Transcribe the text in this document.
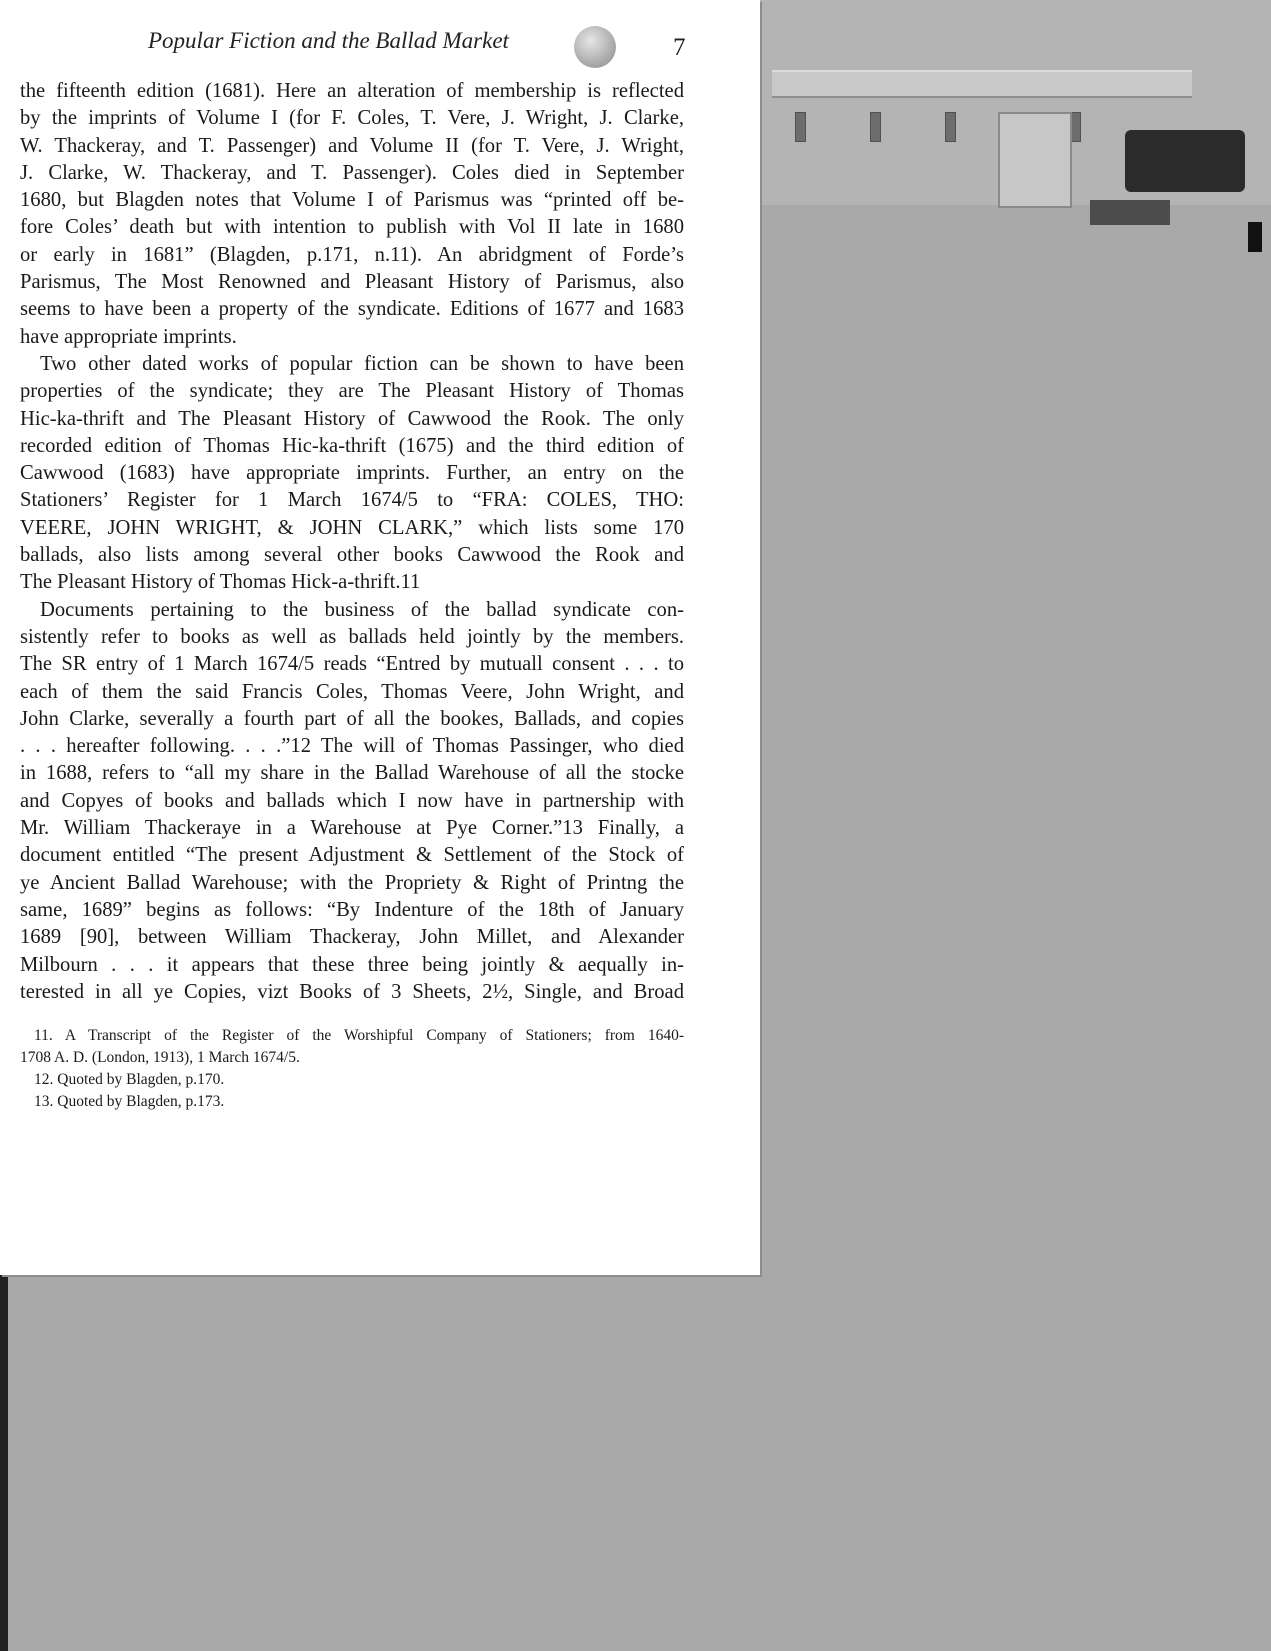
Popular Fiction and the Ballad Market	7
the fifteenth edition (1681). Here an alteration of membership is reflected
by the imprints of Volume I (for F. Coles, T. Vere, J. Wright, J. Clarke,
W. Thackeray, and T. Passenger) and Volume II (for T. Vere, J. Wright,
J. Clarke, W. Thackeray, and T. Passenger). Coles died in September
1680, but Blagden notes that Volume I of Parismus was “printed off be-
fore Coles’ death but with intention to publish with Vol II late in 1680
or early in 1681” (Blagden, p.171, n.11). An abridgment of Forde’s
Parismus, The Most Renowned and Pleasant History of Parismus, also
seems to have been a property of the syndicate. Editions of 1677 and 1683
have appropriate imprints.
Two other dated works of popular fiction can be shown to have been
properties of the syndicate; they are The Pleasant History of Thomas
Hic-ka-thrift and The Pleasant History of Cawwood the Rook. The only
recorded edition of Thomas Hic-ka-thrift (1675) and the third edition of
Cawwood (1683) have appropriate imprints. Further, an entry on the
Stationers’ Register for 1 March 1674/5 to “FRA: COLES, THO:
VEERE, JOHN WRIGHT, & JOHN CLARK,” which lists some 170
ballads, also lists among several other books Cawwood the Rook and
The Pleasant History of Thomas Hick-a-thrift.11
Documents pertaining to the business of the ballad syndicate con-
sistently refer to books as well as ballads held jointly by the members.
The SR entry of 1 March 1674/5 reads “Entred by mutuall consent . . . to
each of them the said Francis Coles, Thomas Veere, John Wright, and
John Clarke, severally a fourth part of all the bookes, Ballads, and copies
. . . hereafter following. . . .”12 The will of Thomas Passinger, who died
in 1688, refers to “all my share in the Ballad Warehouse of all the stocke
and Copyes of books and ballads which I now have in partnership with
Mr. William Thackeraye in a Warehouse at Pye Corner.”13 Finally, a
document entitled “The present Adjustment & Settlement of the Stock of
ye Ancient Ballad Warehouse; with the Propriety & Right of Printng the
same, 1689” begins as follows: “By Indenture of the 18th of January
1689 [90], between William Thackeray, John Millet, and Alexander
Milbourn . . . it appears that these three being jointly & aequally in-
terested in all ye Copies, vizt Books of 3 Sheets, 2½, Single, and Broad
11. A Transcript of the Register of the Worshipful Company of Stationers; from 1640-
1708 A. D. (London, 1913), 1 March 1674/5.
12. Quoted by Blagden, p.170.
13. Quoted by Blagden, p.173.
